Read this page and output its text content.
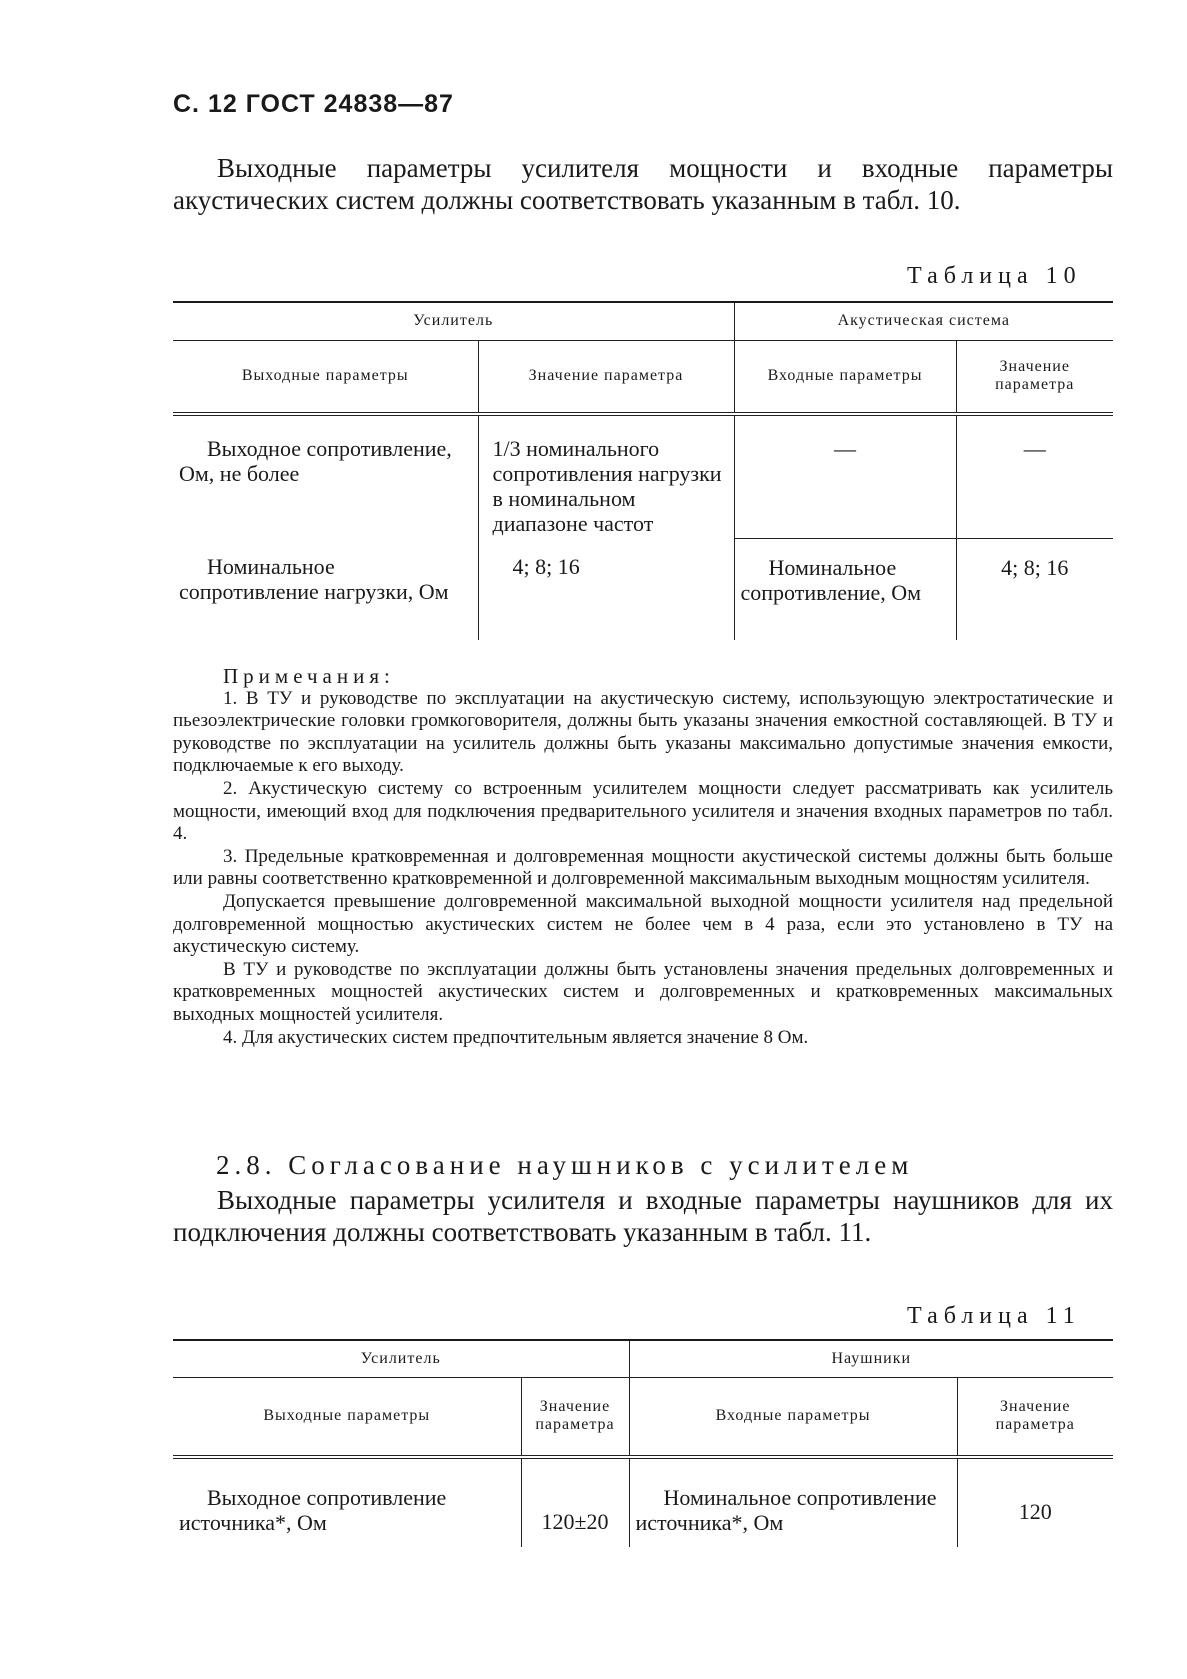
С. 12 ГОСТ 24838—87
Выходные параметры усилителя мощности и входные параметры акустических систем должны соответствовать указанным в табл. 10.
Таблица 10
Усилитель		Акустическая система	
Выходные параметры	Значение параметра	Входные параметры	Значение параметра
Выходное сопротивление, Ом, не более	1/3 номинального сопротивления нагрузки в номинальном диапазоне частот	—	—
Номинальное сопротивление нагрузки, Ом	4; 8; 16	Номинальное сопротивление, Ом	4; 8; 16

Примечания:

1. В ТУ и руководстве по эксплуатации на акустическую систему, использующую электростатические и пьезоэлектрические головки громкоговорителя, должны быть указаны значения емкостной составляющей. В ТУ и руководстве по эксплуатации на усилитель должны быть указаны максимально допустимые значения емкости, подключаемые к его выходу.

2. Акустическую систему со встроенным усилителем мощности следует рассматривать как усилитель мощности, имеющий вход для подключения предварительного усилителя и значения входных параметров по табл. 4.

3. Предельные кратковременная и долговременная мощности акустической системы должны быть больше или равны соответственно кратковременной и долговременной максимальным выходным мощностям усилителя.

Допускается превышение долговременной максимальной выходной мощности усилителя над предельной долговременной мощностью акустических систем не более чем в 4 раза, если это установлено в ТУ на акустическую систему.

В ТУ и руководстве по эксплуатации должны быть установлены значения предельных долговременных и кратковременных мощностей акустических систем и долговременных и кратковременных максимальных выходных мощностей усилителя.

4. Для акустических систем предпочтительным является значение 8 Ом.

2.8. Согласование наушников с усилителем
Выходные параметры усилителя и входные параметры наушников для их подключения должны соответствовать указанным в табл. 11.
Таблица 11
Усилитель		Наушники	
Выходные параметры	Значение параметра	Входные параметры	Значение параметра
Выходное сопротивление источника*, Ом	120±20	Номинальное сопротивление источника*, Ом	120
